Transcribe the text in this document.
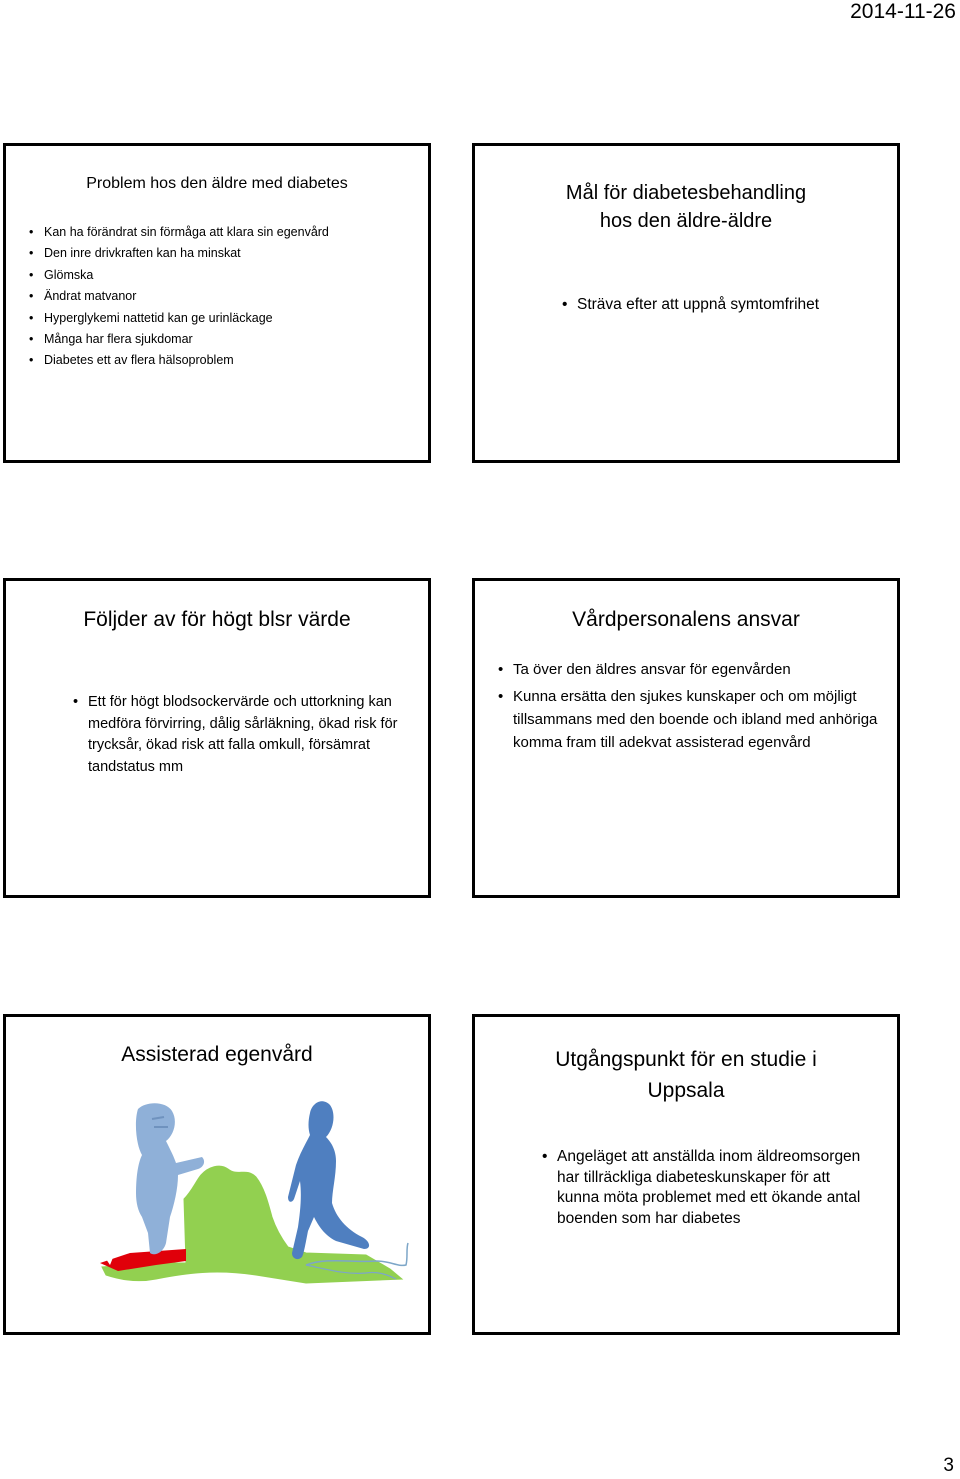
2014-11-26
Problem hos den äldre med diabetes
• Kan ha förändrat sin förmåga att klara sin egenvård
• Den inre drivkraften kan ha minskat
• Glömska
• Ändrat matvanor
• Hyperglykemi nattetid kan ge urinläckage
• Många har flera sjukdomar
• Diabetes ett av flera hälsoproblem
Mål för diabetesbehandling
hos den äldre-äldre
• Sträva efter att uppnå symtomfrihet
Följder av för högt blsr värde
• Ett för högt blodsockervärde och uttorkning kan medföra förvirring, dålig sårläkning, ökad risk för trycksår, ökad risk att falla omkull, försämrat tandstatus mm
Vårdpersonalens ansvar
• Ta över den äldres ansvar för egenvården
• Kunna ersätta den sjukes kunskaper och om möjligt tillsammans med den boende och ibland med anhöriga komma fram till adekvat assisterad egenvård
Assisterad egenvård	Utgångspunkt för en studie i
Uppsala
• Angeläget att anställda inom äldreomsorgen har tillräckliga diabeteskunskaper för att kunna möta problemet med ett ökande antal boenden som har diabetes
3
